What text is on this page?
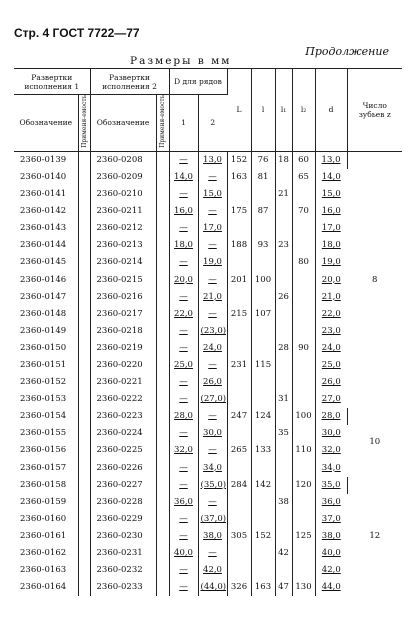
Стр. 4 ГОСТ 7722—77
Продолжение
Размеры в мм
Развертки исполнения 1		Развертки исполнения 2		D для рядов		L	l	l₁	l₂	d	Число зубьев z
Обозначение	Применя-емость	Обозначение	Применя-емость	1	2						
2360-0139		2360-0208		—	13,0	152	76	18	60	13,0	8
2360-0140		2360-0209		14,0	—	163	81		65	14,0	
2360-0141		2360-0210		—	15,0			21		15,0	
2360-0142		2360-0211		16,0	—	175	87		70	16,0	
2360-0143		2360-0212		—	17,0					17,0	
2360-0144		2360-0213		18,0	—	188	93	23		18,0	
2360-0145		2360-0214		—	19,0				80	19,0	
2360-0146		2360-0215		20,0	—	201	100			20,0	
2360-0147		2360-0216		—	21,0			26		21,0	
2360-0148		2360-0217		22,0	—	215	107			22,0	
2360-0149		2360-0218		—	(23,0)					23,0	
2360-0150		2360-0219		—	24,0			28	90	24,0	
2360-0151		2360-0220		25,0	—	231	115			25,0	
2360-0152		2360-0221		—	26,0					26,0	
2360-0153		2360-0222		—	(27,0)			31		27,0	
2360-0154		2360-0223		28,0	—	247	124		100	28,0	10
2360-0155		2360-0224		—	30,0			35		30,0	
2360-0156		2360-0225		32,0	—	265	133		110	32,0	
2360-0157		2360-0226		—	34,0					34,0	
2360-0158		2360-0227		—	(35,0)	284	142		120	35,0	12
2360-0159		2360-0228		36,0	—			38		36,0	
2360-0160		2360-0229		—	(37,0)					37,0	
2360-0161		2360-0230		—	38,0	305	152		125	38,0	
2360-0162		2360-0231		40,0	—			42		40,0	
2360-0163		2360-0232		—	42,0					42,0	
2360-0164		2360-0233		—	(44,0)	326	163	47	130	44,0	
